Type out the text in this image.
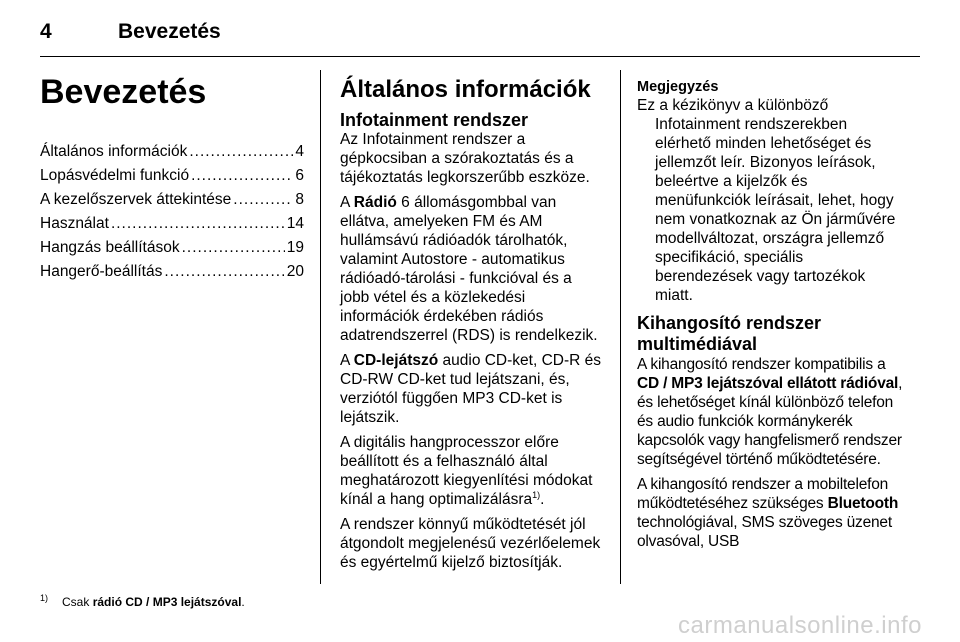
4	Bevezetés
Bevezetés
Általános információk .....	4
Lopásvédelmi funkció .....	6
A kezelőszervek áttekintése .....	8
Használat .....	14
Hangzás beállítások .....	19
Hangerő-beállítás .....	20
Általános információk
Infotainment rendszer

Az Infotainment rendszer a gépkocsiban a szórakoztatás és a tájékoztatás legkorszerűbb eszköze.

A Rádió 6 állomásgombbal van ellátva, amelyeken FM és AM hullámsávú rádióadók tárolhatók, valamint Autostore - automatikus rádióadó-tárolási - funkcióval és a jobb vétel és a közlekedési információk érdekében rádiós adatrendszerrel (RDS) is rendelkezik.

A CD-lejátszó audio CD-ket, CD-R és CD-RW CD-ket tud lejátszani, és, verziótól függően MP3 CD-ket is lejátszik.

A digitális hangprocesszor előre beállított és a felhasználó által meghatározott kiegyenlítési módokat kínál a hang optimalizálásra$^{1)}$.

A rendszer könnyű működtetését jól átgondolt megjelenésű vezérlőelemek és egyértelmű kijelző biztosítják.

Megjegyzés
Ez a kézikönyv a különböző
Infotainment rendszerekben elérhető minden lehetőséget és jellemzőt leír. Bizonyos leírások, beleértve a kijelzők és menüfunkciók leírásait, lehet, hogy nem vonatkoznak az Ön járművére modellváltozat, országra jellemző specifikáció, speciális berendezések vagy tartozékok miatt.
Kihangosító rendszer
multimédiával

A kihangosító rendszer kompatibilis a CD / MP3 lejátszóval ellátott rádióval, és lehetőséget kínál különböző telefon és audio funkciók kormánykerék kapcsolók vagy hangfelismerő rendszer segítségével történő működtetésére.

A kihangosító rendszer a mobiltelefon működtetéséhez szükséges Bluetooth technológiával, SMS szöveges üzenet olvasóval, USB

$^{1)}$ Csak rádió CD / MP3 lejátszóval.
carmanualsonline.info
